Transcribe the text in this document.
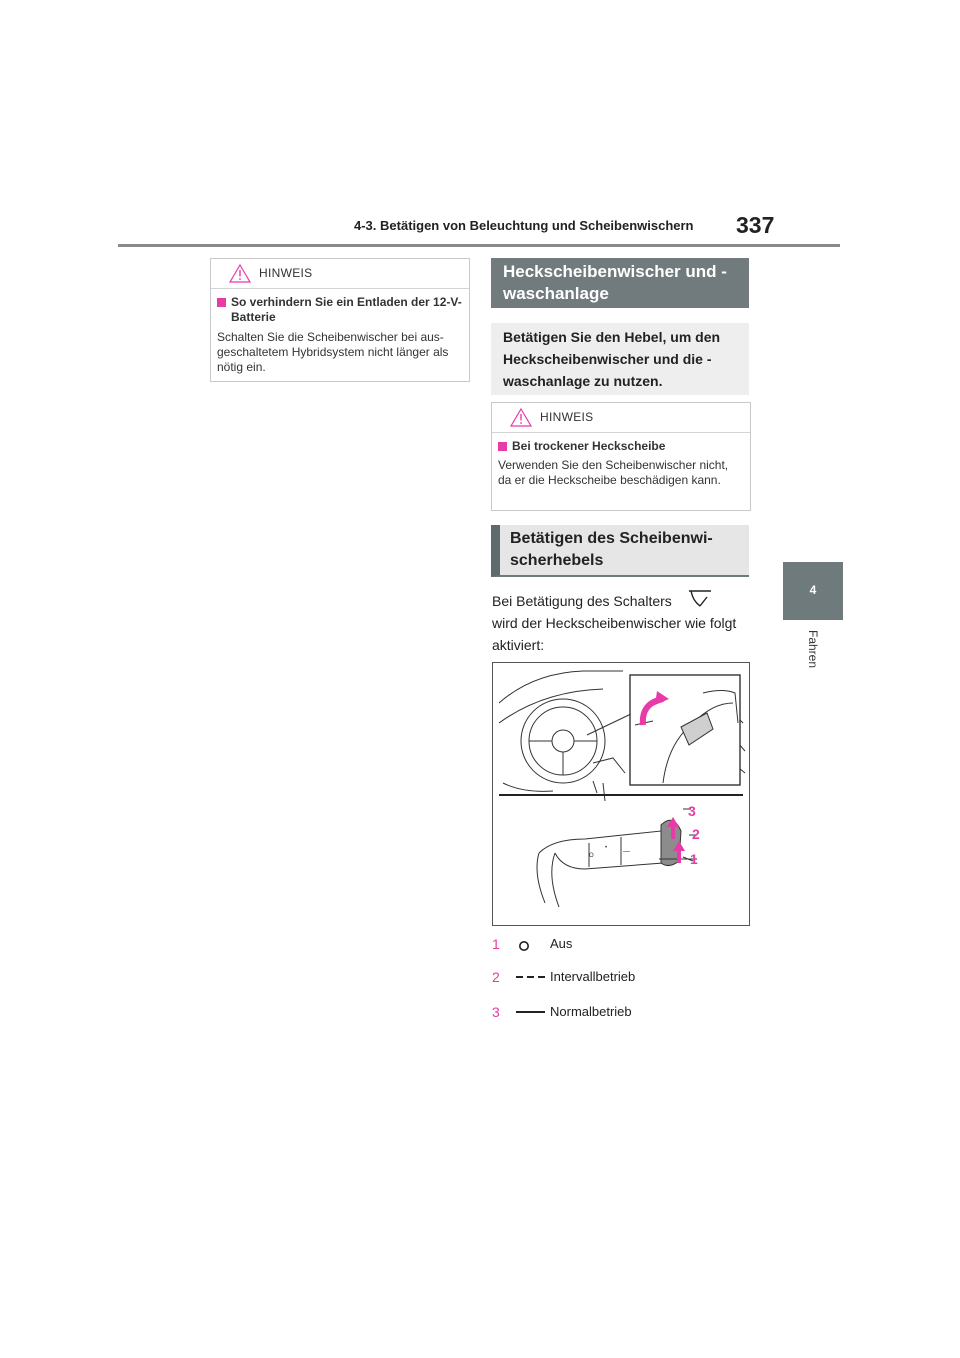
4-3. Betätigen von Beleuchtung und Scheibenwischern 337
4
Fahren
HINWEIS
So verhindern Sie ein Entladen der 12-V-Batterie
Schalten Sie die Scheibenwischer bei aus- geschaltetem Hybridsystem nicht länger als nötig ein.
Heckscheibenwischer und -waschanlage
Betätigen Sie den Hebel, um den Heckscheibenwischer und die -waschanlage zu nutzen.
HINWEIS
Bei trockener Heckscheibe
Verwenden Sie den Scheibenwischer nicht, da er die Heckscheibe beschädigen kann.
Betätigen des Scheibenwi- scherhebels
Bei Betätigung des Schalters
wird der Heckscheibenwischer wie folgt
aktiviert:
O
• —
3
2
1
1	Aus
2	Intervallbetrieb
3	Normalbetrieb
